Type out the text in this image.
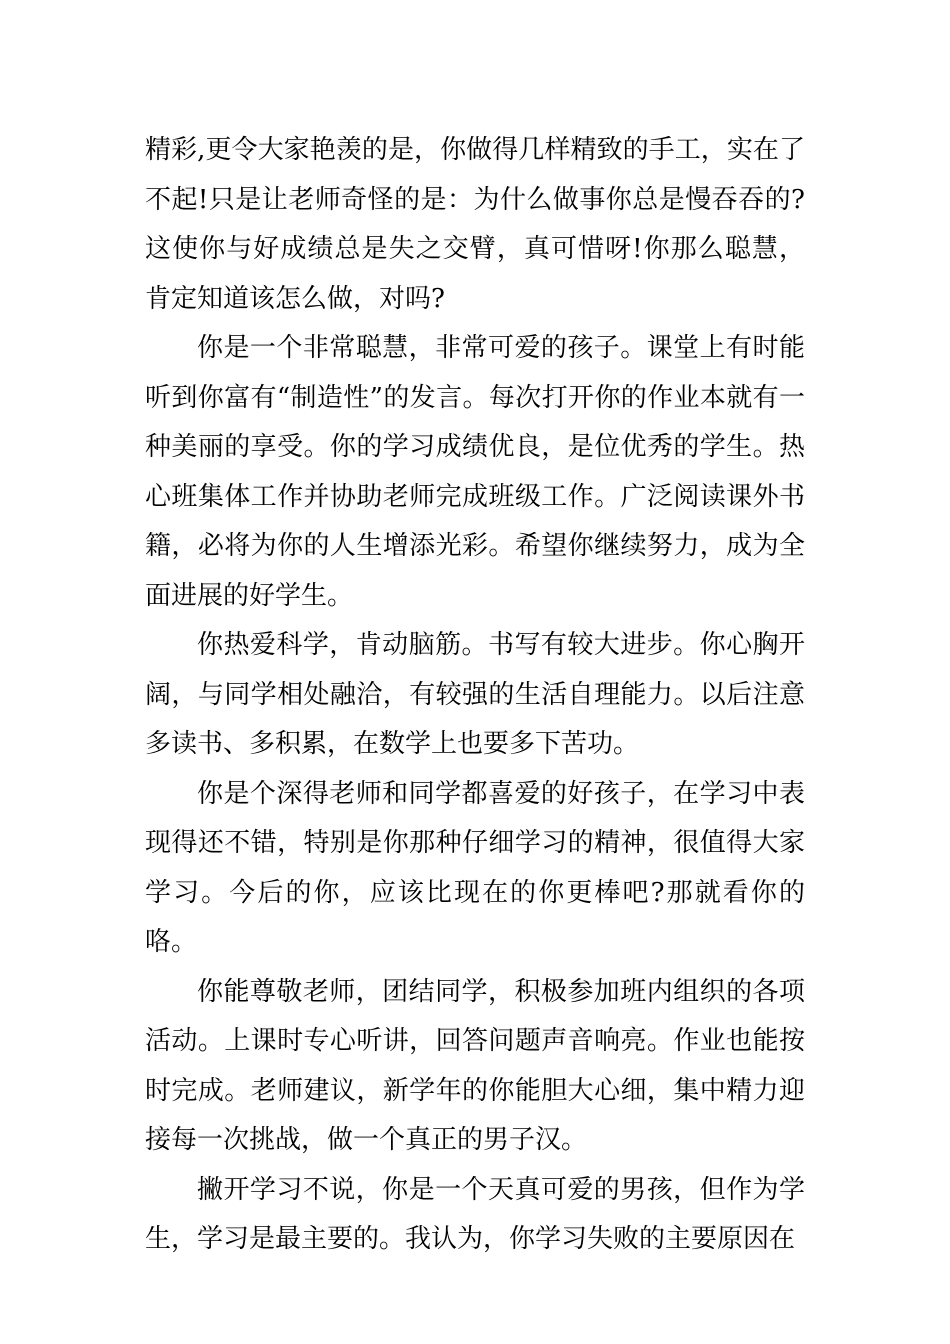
精彩,更令大家艳羡的是，你做得几样精致的手工，实在了不起!只是让老师奇怪的是：为什么做事你总是慢吞吞的?这使你与好成绩总是失之交臂，真可惜呀!你那么聪慧，肯定知道该怎么做，对吗?

你是一个非常聪慧，非常可爱的孩子。课堂上有时能听到你富有“制造性”的发言。每次打开你的作业本就有一种美丽的享受。你的学习成绩优良，是位优秀的学生。热心班集体工作并协助老师完成班级工作。广泛阅读课外书籍，必将为你的人生增添光彩。希望你继续努力，成为全面进展的好学生。

你热爱科学，肯动脑筋。书写有较大进步。你心胸开阔，与同学相处融洽，有较强的生活自理能力。以后注意多读书、多积累，在数学上也要多下苦功。

你是个深得老师和同学都喜爱的好孩子，在学习中表现得还不错，特别是你那种仔细学习的精神，很值得大家学习。今后的你，应该比现在的你更棒吧?那就看你的咯。

你能尊敬老师，团结同学，积极参加班内组织的各项活动。上课时专心听讲，回答问题声音响亮。作业也能按时完成。老师建议，新学年的你能胆大心细，集中精力迎接每一次挑战，做一个真正的男子汉。

撇开学习不说，你是一个天真可爱的男孩，但作为学生，学习是最主要的。我认为，你学习失败的主要原因在
